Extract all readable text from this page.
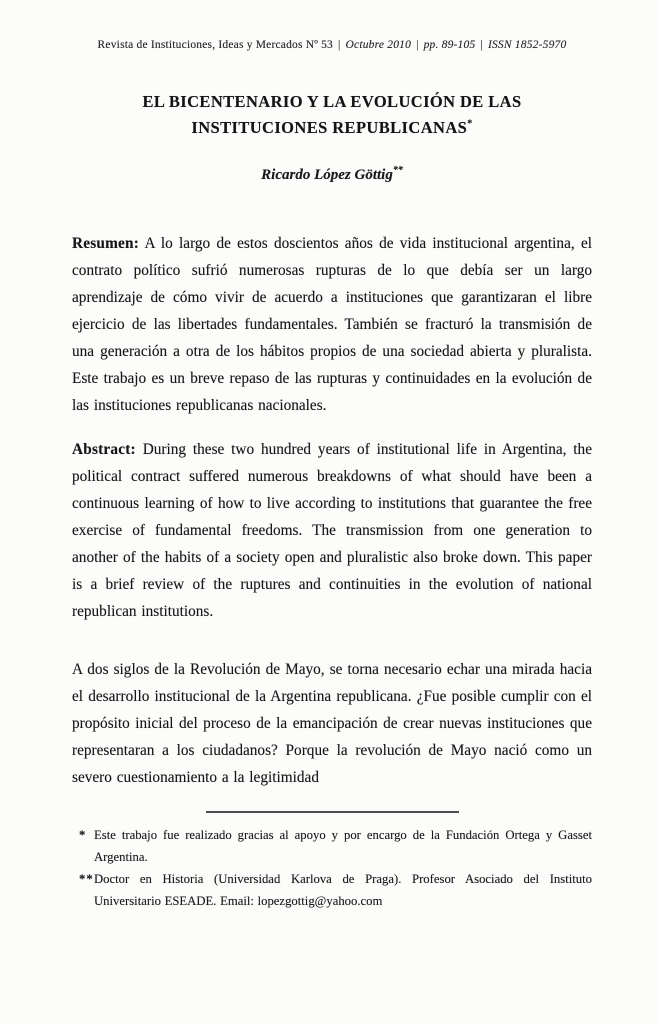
Revista de Instituciones, Ideas y Mercados Nº 53 | Octubre 2010 | pp. 89-105 | ISSN 1852-5970
EL BICENTENARIO Y LA EVOLUCIÓN DE LAS
INSTITUCIONES REPUBLICANAS*
Ricardo López Göttig**

Resumen: A lo largo de estos doscientos años de vida institucional argentina, el contrato político sufrió numerosas rupturas de lo que debía ser un largo aprendizaje de cómo vivir de acuerdo a instituciones que garantizaran el libre ejercicio de las libertades fundamentales. También se fracturó la transmisión de una generación a otra de los hábitos propios de una sociedad abierta y pluralista. Este trabajo es un breve repaso de las rupturas y continuidades en la evolución de las instituciones republicanas nacionales.

Abstract: During these two hundred years of institutional life in Argentina, the political contract suffered numerous breakdowns of what should have been a continuous learning of how to live according to institutions that guarantee the free exercise of fundamental freedoms. The transmission from one generation to another of the habits of a society open and pluralistic also broke down. This paper is a brief review of the ruptures and continuities in the evolution of national republican institutions.

A dos siglos de la Revolución de Mayo, se torna necesario echar una mirada hacia el desarrollo institucional de la Argentina republicana. ¿Fue posible cumplir con el propósito inicial del proceso de la emancipación de crear nuevas instituciones que representaran a los ciudadanos? Porque la revolución de Mayo nació como un severo cuestionamiento a la legitimidad

* Este trabajo fue realizado gracias al apoyo y por encargo de la Fundación Ortega y Gasset Argentina.
** Doctor en Historia (Universidad Karlova de Praga). Profesor Asociado del Instituto Universitario ESEADE. Email: lopezgottig@yahoo.com
